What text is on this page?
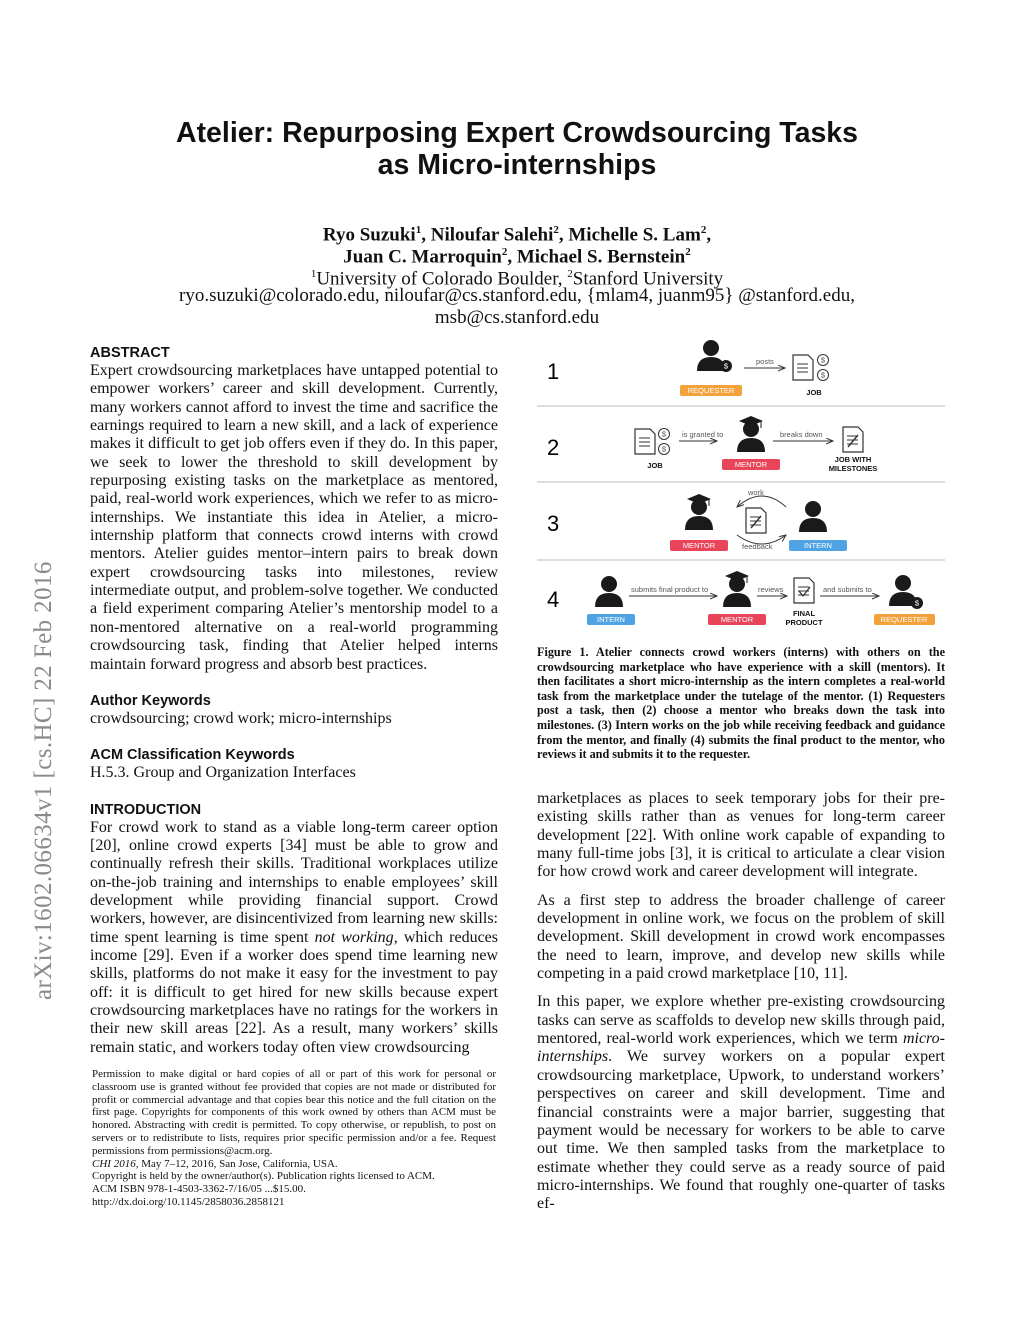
arXiv:1602.06634v1 [cs.HC] 22 Feb 2016
Atelier: Repurposing Expert Crowdsourcing Tasks
as Micro-internships
Ryo Suzuki$^1$, Niloufar Salehi$^2$, Michelle S. Lam$^2$,
Juan C. Marroquin$^2$, Michael S. Bernstein$^2$
$^1$University of Colorado Boulder, $^2$Stanford University
ryo.suzuki@colorado.edu, niloufar@cs.stanford.edu, {mlam4, juanm95} @stanford.edu,
msb@cs.stanford.edu
ABSTRACT

Expert crowdsourcing marketplaces have untapped potential to empower workers’ career and skill development. Currently, many workers cannot afford to invest the time and sacrifice the earnings required to learn a new skill, and a lack of experience makes it difficult to get job offers even if they do. In this paper, we seek to lower the threshold to skill development by repurposing existing tasks on the marketplace as mentored, paid, real-world work experiences, which we refer to as micro-internships. We instantiate this idea in Atelier, a micro-internship platform that connects crowd interns with crowd mentors. Atelier guides mentor–intern pairs to break down expert crowdsourcing tasks into milestones, review intermediate output, and problem-solve together. We conducted a field experiment comparing Atelier’s mentorship model to a non-mentored alternative on a real-world programming crowdsourcing task, finding that Atelier helped interns maintain forward progress and absorb best practices.

Author Keywords

crowdsourcing; crowd work; micro-internships

ACM Classification Keywords

H.5.3. Group and Organization Interfaces

INTRODUCTION

For crowd work to stand as a viable long-term career option [20], online crowd experts [34] must be able to grow and continually refresh their skills. Traditional workplaces utilize on-the-job training and internships to enable employees’ skill development while providing financial support. Crowd workers, however, are disincentivized from learning new skills: time spent learning is time spent not working, which reduces income [29]. Even if a worker does spend time learning new skills, platforms do not make it easy for the investment to pay off: it is difficult to get hired for new skills because expert crowdsourcing marketplaces have no ratings for the workers in their new skill areas [22]. As a result, many workers’ skills remain static, and workers today often view crowdsourcing

Permission to make digital or hard copies of all or part of this work for personal or classroom use is granted without fee provided that copies are not made or distributed for profit or commercial advantage and that copies bear this notice and the full citation on the first page. Copyrights for components of this work owned by others than ACM must be honored. Abstracting with credit is permitted. To copy otherwise, or republish, to post on servers or to redistribute to lists, requires prior specific permission and/or a fee. Request permissions from permissions@acm.org.

CHI 2016, May 7–12, 2016, San Jose, California, USA.

Copyright is held by the owner/author(s). Publication rights licensed to ACM.

ACM ISBN 978-1-4503-3362-7/16/05 ...$15.00.

http://dx.doi.org/10.1145/2858036.2858121

1
2
3
4
$
REQUESTER
posts	$
$
JOB
$
$
JOB
is granted to
MENTOR
breaks down
JOB WITH
MILESTONES
MENTOR
work
feedback	INTERN
INTERN
submits final product to
MENTOR
reviews
FINAL
PRODUCT
and submits to
$
REQUESTER
Figure 1. Atelier connects crowd workers (interns) with others on the crowdsourcing marketplace who have experience with a skill (mentors). It then facilitates a short micro-internship as the intern completes a real-world task from the marketplace under the tutelage of the mentor. (1) Requesters post a task, then (2) choose a mentor who breaks down the task into milestones. (3) Intern works on the job while receiving feedback and guidance from the mentor, and finally (4) submits the final product to the mentor, who reviews it and submits it to the requester.

marketplaces as places to seek temporary jobs for their pre-existing skills rather than as venues for long-term career development [22]. With online work capable of expanding to many full-time jobs [3], it is critical to articulate a clear vision for how crowd work and career development will integrate.

As a first step to address the broader challenge of career development in online work, we focus on the problem of skill development. Skill development in crowd work encompasses the need to learn, improve, and develop new skills while competing in a paid crowd marketplace [10, 11].

In this paper, we explore whether pre-existing crowdsourcing tasks can serve as scaffolds to develop new skills through paid, mentored, real-world work experiences, which we term micro-internships. We survey workers on a popular expert crowdsourcing marketplace, Upwork, to understand workers’ perspectives on career and skill development. Time and financial constraints were a major barrier, suggesting that payment would be necessary for workers to be able to carve out time. We then sampled tasks from the marketplace to estimate whether they could serve as a ready source of paid micro-internships. We found that roughly one-quarter of tasks ef-
